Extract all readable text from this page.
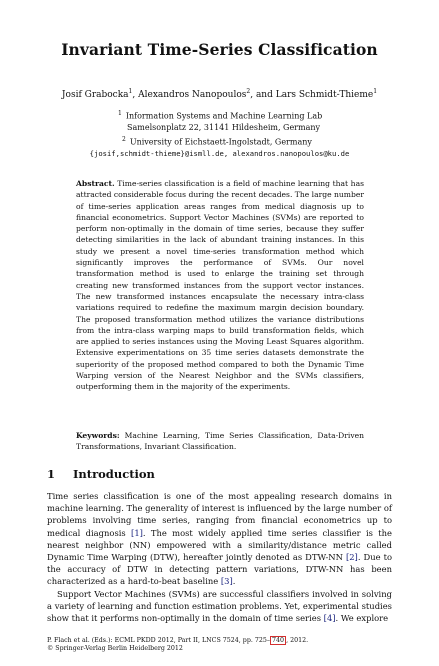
Invariant Time-Series Classification
Josif Grabocka$^1$, Alexandros Nanopoulos$^2$, and Lars Schmidt-Thieme$^1$
$^1$ Information Systems and Machine Learning Lab
Samelsonplatz 22, 31141 Hildesheim, Germany
$^2$ University of Eichstaett-Ingolstadt, Germany
{josif,schmidt-thieme}@ismll.de, alexandros.nanopoulos@ku.de
Abstract. Time-series classification is a field of machine learning that has attracted considerable focus during the recent decades. The large number of time-series application areas ranges from medical diagnosis up to financial econometrics. Support Vector Machines (SVMs) are reported to perform non-optimally in the domain of time series, because they suffer detecting similarities in the lack of abundant training instances. In this study we present a novel time-series transformation method which significantly improves the performance of SVMs. Our novel transformation method is used to enlarge the training set through creating new transformed instances from the support vector instances. The new transformed instances encapsulate the necessary intra-class variations required to redefine the maximum margin decision boundary. The proposed transformation method utilizes the variance distributions from the intra-class warping maps to build transformation fields, which are applied to series instances using the Moving Least Squares algorithm. Extensive experimentations on 35 time series datasets demonstrate the superiority of the proposed method compared to both the Dynamic Time Warping version of the Nearest Neighbor and the SVMs classifiers, outperforming them in the majority of the experiments.
Keywords: Machine Learning, Time Series Classification, Data-Driven Transformations, Invariant Classification.
1 Introduction

Time series classification is one of the most appealing research domains in machine learning. The generality of interest is influenced by the large number of problems involving time series, ranging from financial econometrics up to medical diagnosis [1]. The most widely applied time series classifier is the nearest neighbor (NN) empowered with a similarity/distance metric called Dynamic Time Warping (DTW), hereafter jointly denoted as DTW-NN [2]. Due to the accuracy of DTW in detecting pattern variations, DTW-NN has been characterized as a hard-to-beat baseline [3].

Support Vector Machines (SVMs) are successful classifiers involved in solving a variety of learning and function estimation problems. Yet, experimental studies show that it performs non-optimally in the domain of time series [4]. We explore

P. Flach et al. (Eds.): ECML PKDD 2012, Part II, LNCS 7524, pp. 725– 740 , 2012.
© Springer-Verlag Berlin Heidelberg 2012
